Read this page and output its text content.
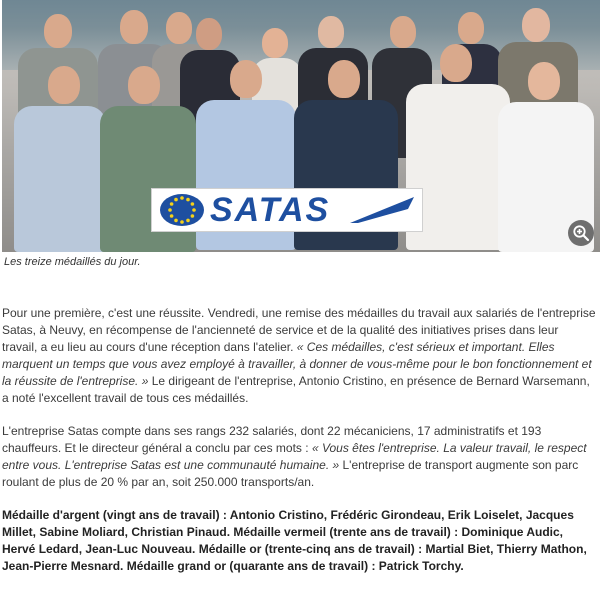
SATAS
Les treize médaillés du jour.

Pour une première, c'est une réussite. Vendredi, une remise des médailles du travail aux salariés de l'entreprise Satas, à Neuvy, en récompense de l'ancienneté de service et de la qualité des initiatives prises dans leur travail, a eu lieu au cours d'une réception dans l'atelier. « Ces médailles, c'est sérieux et important. Elles marquent un temps que vous avez employé à travailler, à donner de vous-même pour le bon fonctionnement et la réussite de l'entreprise. » Le dirigeant de l'entreprise, Antonio Cristino, en présence de Bernard Warsemann, a noté l'excellent travail de tous ces médaillés.

L'entreprise Satas compte dans ses rangs 232 salariés, dont 22 mécaniciens, 17 administratifs et 193 chauffeurs. Et le directeur général a conclu par ces mots : « Vous êtes l'entreprise. La valeur travail, le respect entre vous. L'entreprise Satas est une communauté humaine. » L'entreprise de transport augmente son parc roulant de plus de 20 % par an, soit 250.000 transports/an.

Médaille d'argent (vingt ans de travail) : Antonio Cristino, Frédéric Girondeau, Erik Loiselet, Jacques Millet, Sabine Moliard, Christian Pinaud. Médaille vermeil (trente ans de travail) : Dominique Audic, Hervé Ledard, Jean-Luc Nouveau. Médaille or (trente-cinq ans de travail) : Martial Biet, Thierry Mathon, Jean-Pierre Mesnard. Médaille grand or (quarante ans de travail) : Patrick Torchy.
